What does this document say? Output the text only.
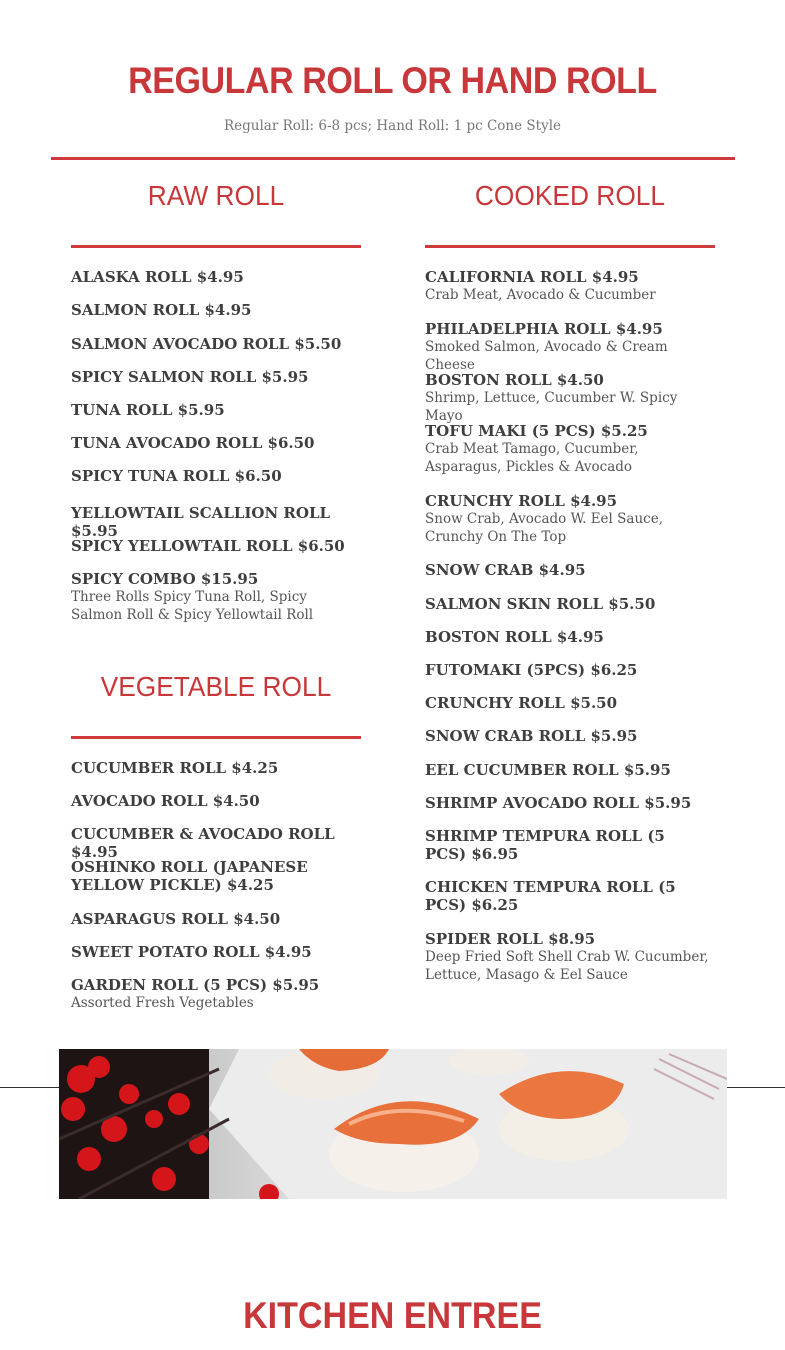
REGULAR ROLL OR HAND ROLL
Regular Roll: 6-8 pcs; Hand Roll: 1 pc Cone Style
RAW ROLL
ALASKA ROLL $4.95
SALMON ROLL $4.95
SALMON AVOCADO ROLL $5.50
SPICY SALMON ROLL $5.95
TUNA ROLL $5.95
TUNA AVOCADO ROLL $6.50
SPICY TUNA ROLL $6.50
YELLOWTAIL SCALLION ROLL $5.95
SPICY YELLOWTAIL ROLL $6.50
SPICY COMBO $15.95
Three Rolls Spicy Tuna Roll, Spicy Salmon Roll & Spicy Yellowtail Roll
VEGETABLE ROLL
CUCUMBER ROLL $4.25
AVOCADO ROLL $4.50
CUCUMBER & AVOCADO ROLL $4.95
OSHINKO ROLL (JAPANESE YELLOW PICKLE) $4.25
ASPARAGUS ROLL $4.50
SWEET POTATO ROLL $4.95
GARDEN ROLL (5 PCS) $5.95
Assorted Fresh Vegetables
COOKED ROLL
CALIFORNIA ROLL $4.95
Crab Meat, Avocado & Cucumber
PHILADELPHIA ROLL $4.95
Smoked Salmon, Avocado & Cream Cheese
BOSTON ROLL $4.50
Shrimp, Lettuce, Cucumber W. Spicy Mayo
TOFU MAKI (5 PCS) $5.25
Crab Meat Tamago, Cucumber, Asparagus, Pickles & Avocado
CRUNCHY ROLL $4.95
Snow Crab, Avocado W. Eel Sauce, Crunchy On The Top
SNOW CRAB $4.95
SALMON SKIN ROLL $5.50
BOSTON ROLL $4.95
FUTOMAKI (5PCS) $6.25
CRUNCHY ROLL $5.50
SNOW CRAB ROLL $5.95
EEL CUCUMBER ROLL $5.95
SHRIMP AVOCADO ROLL $5.95
SHRIMP TEMPURA ROLL (5 PCS) $6.95
CHICKEN TEMPURA ROLL (5 PCS) $6.25
SPIDER ROLL $8.95
Deep Fried Soft Shell Crab W. Cucumber, Lettuce, Masago & Eel Sauce
KITCHEN ENTREE
